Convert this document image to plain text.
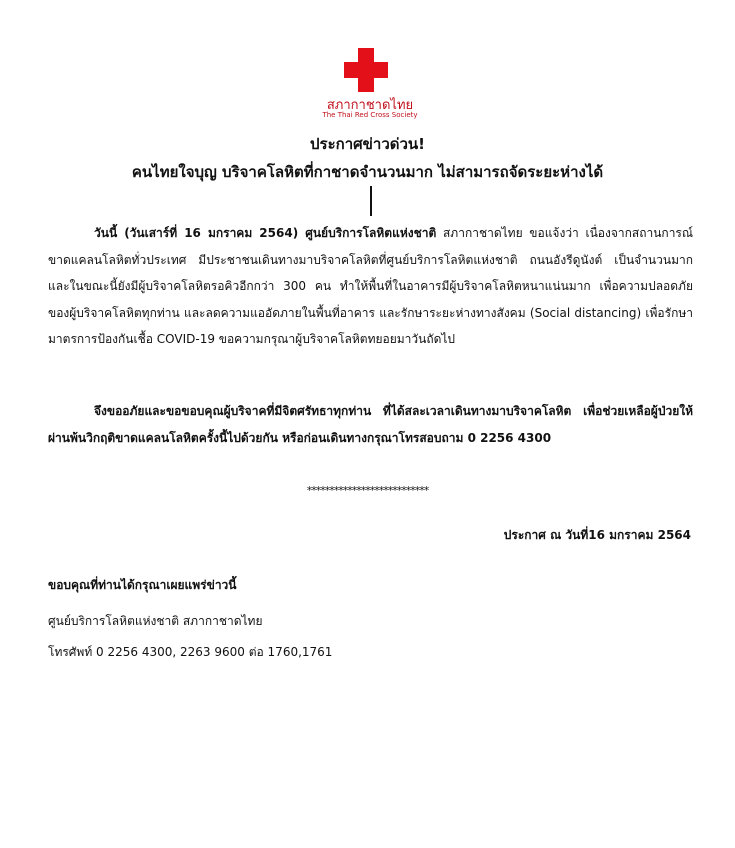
สภากาชาดไทย
The Thai Red Cross Society
ประกาศข่าวด่วน!
คนไทยใจบุญ บริจาคโลหิตที่กาชาดจำนวนมาก ไม่สามารถจัดระยะห่างได้

วันนี้ (วันเสาร์ที่ 16 มกราคม 2564) ศูนย์บริการโลหิตแห่งชาติ สภากาชาดไทย ขอแจ้งว่า เนื่องจากสถานการณ์ขาดแคลนโลหิตทั่วประเทศ มีประชาชนเดินทางมาบริจาคโลหิตที่ศูนย์บริการโลหิตแห่งชาติ ถนนอังรีดูนังต์ เป็นจำนวนมาก และในขณะนี้ยังมีผู้บริจาคโลหิตรอคิวอีกกว่า 300 คน ทำให้พื้นที่ในอาคารมีผู้บริจาคโลหิตหนาแน่นมาก เพื่อความปลอดภัยของผู้บริจาคโลหิตทุกท่าน และลดความแออัดภายในพื้นที่อาคาร และรักษาระยะห่างทางสังคม (Social distancing) เพื่อรักษามาตรการป้องกันเชื้อ COVID-19 ขอความกรุณาผู้บริจาคโลหิตทยอยมาวันถัดไป

จึงขออภัยและขอขอบคุณผู้บริจาคที่มีจิตศรัทธาทุกท่าน ที่ได้สละเวลาเดินทางมาบริจาคโลหิต เพื่อช่วยเหลือผู้ป่วยให้ผ่านพ้นวิกฤติขาดแคลนโลหิตครั้งนี้ไปด้วยกัน หรือก่อนเดินทางกรุณาโทรสอบถาม 0 2256 4300

***************************
ประกาศ ณ วันที่16 มกราคม 2564
ขอบคุณที่ท่านได้กรุณาเผยแพร่ข่าวนี้
ศูนย์บริการโลหิตแห่งชาติ สภากาชาดไทย
โทรศัพท์ 0 2256 4300, 2263 9600 ต่อ 1760,1761
